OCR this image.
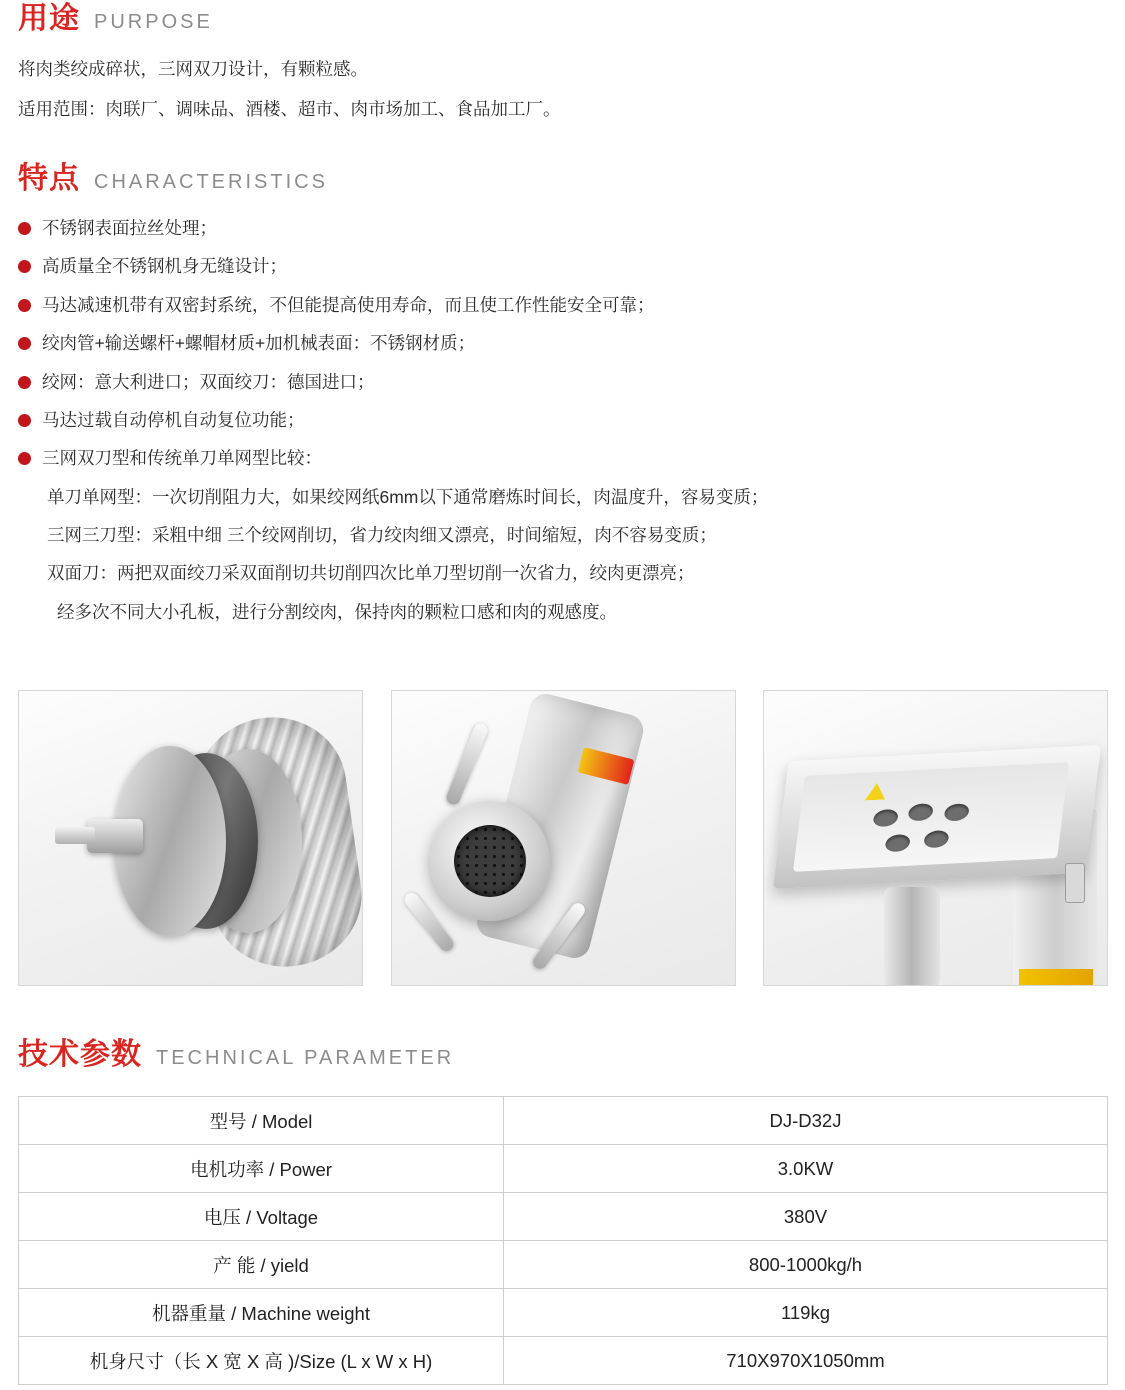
用途 PURPOSE

将肉类绞成碎状，三网双刀设计，有颗粒感。

适用范围：肉联厂、调味品、酒楼、超市、肉市场加工、食品加工厂。

特点 CHARACTERISTICS
不锈钢表面拉丝处理；
高质量全不锈钢机身无缝设计；
马达减速机带有双密封系统，不但能提高使用寿命，而且使工作性能安全可靠；
绞肉管+输送螺杆+螺帽材质+加机械表面：不锈钢材质；
绞网：意大利进口；双面绞刀：德国进口；
马达过载自动停机自动复位功能；
三网双刀型和传统单刀单网型比较：
单刀单网型：一次切削阻力大，如果绞网纸6mm以下通常磨炼时间长，肉温度升，容易变质；
三网三刀型：采粗中细 三个绞网削切，省力绞肉细又漂亮，时间缩短，肉不容易变质；
双面刀：两把双面绞刀采双面削切共切削四次比单刀型切削一次省力，绞肉更漂亮；
经多次不同大小孔板，进行分割绞肉，保持肉的颗粒口感和肉的观感度。
技术参数 TECHNICAL PARAMETER
型号 / Model	DJ-D32J
电机功率 / Power	3.0KW
电压 / Voltage	380V
产 能 / yield	800-1000kg/h
机器重量 / Machine weight	119kg
机身尺寸（长 X 宽 X 高 )/Size (L x W x H)	710X970X1050mm
